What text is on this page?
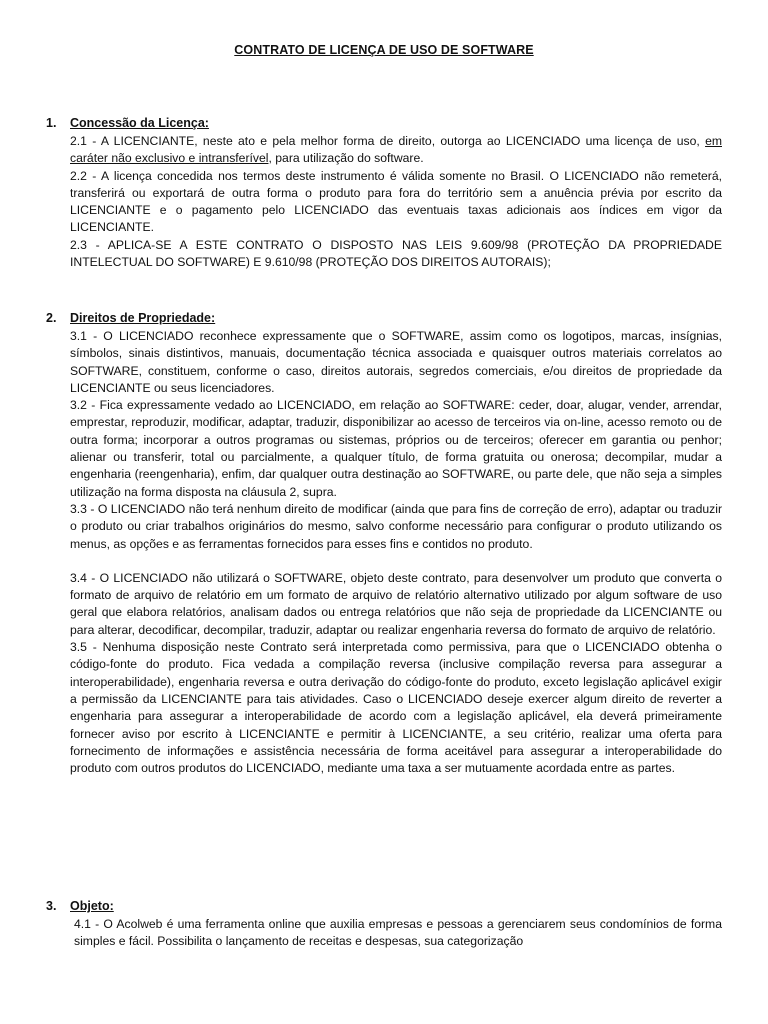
CONTRATO DE LICENÇA DE USO DE SOFTWARE
1. Concessão da Licença:

2.1 - A LICENCIANTE, neste ato e pela melhor forma de direito, outorga ao LICENCIADO uma licença de uso, em caráter não exclusivo e intransferível, para utilização do software.

2.2 - A licença concedida nos termos deste instrumento é válida somente no Brasil. O LICENCIADO não remeterá, transferirá ou exportará de outra forma o produto para fora do território sem a anuência prévia por escrito da LICENCIANTE e o pagamento pelo LICENCIADO das eventuais taxas adicionais aos índices em vigor da LICENCIANTE.

2.3 - APLICA-SE A ESTE CONTRATO O DISPOSTO NAS LEIS 9.609/98 (PROTEÇÃO DA PROPRIEDADE INTELECTUAL DO SOFTWARE) E 9.610/98 (PROTEÇÃO DOS DIREITOS AUTORAIS);

2. Direitos de Propriedade:

3.1 - O LICENCIADO reconhece expressamente que o SOFTWARE, assim como os logotipos, marcas, insígnias, símbolos, sinais distintivos, manuais, documentação técnica associada e quaisquer outros materiais correlatos ao SOFTWARE, constituem, conforme o caso, direitos autorais, segredos comerciais, e/ou direitos de propriedade da LICENCIANTE ou seus licenciadores.

3.2 - Fica expressamente vedado ao LICENCIADO, em relação ao SOFTWARE: ceder, doar, alugar, vender, arrendar, emprestar, reproduzir, modificar, adaptar, traduzir, disponibilizar ao acesso de terceiros via on-line, acesso remoto ou de outra forma; incorporar a outros programas ou sistemas, próprios ou de terceiros; oferecer em garantia ou penhor; alienar ou transferir, total ou parcialmente, a qualquer título, de forma gratuita ou onerosa; decompilar, mudar a engenharia (reengenharia), enfim, dar qualquer outra destinação ao SOFTWARE, ou parte dele, que não seja a simples utilização na forma disposta na cláusula 2, supra.

3.3 - O LICENCIADO não terá nenhum direito de modificar (ainda que para fins de correção de erro), adaptar ou traduzir o produto ou criar trabalhos originários do mesmo, salvo conforme necessário para configurar o produto utilizando os menus, as opções e as ferramentas fornecidos para esses fins e contidos no produto.

3.4 - O LICENCIADO não utilizará o SOFTWARE, objeto deste contrato, para desenvolver um produto que converta o formato de arquivo de relatório em um formato de arquivo de relatório alternativo utilizado por algum software de uso geral que elabora relatórios, analisam dados ou entrega relatórios que não seja de propriedade da LICENCIANTE ou para alterar, decodificar, decompilar, traduzir, adaptar ou realizar engenharia reversa do formato de arquivo de relatório.

3.5 - Nenhuma disposição neste Contrato será interpretada como permissiva, para que o LICENCIADO obtenha o código-fonte do produto. Fica vedada a compilação reversa (inclusive compilação reversa para assegurar a interoperabilidade), engenharia reversa e outra derivação do código-fonte do produto, exceto legislação aplicável exigir a permissão da LICENCIANTE para tais atividades. Caso o LICENCIADO deseje exercer algum direito de reverter a engenharia para assegurar a interoperabilidade de acordo com a legislação aplicável, ela deverá primeiramente fornecer aviso por escrito à LICENCIANTE e permitir à LICENCIANTE, a seu critério, realizar uma oferta para fornecimento de informações e assistência necessária de forma aceitável para assegurar a interoperabilidade do produto com outros produtos do LICENCIADO, mediante uma taxa a ser mutuamente acordada entre as partes.

3. Objeto:

4.1 - O Acolweb é uma ferramenta online que auxilia empresas e pessoas a gerenciarem seus condomínios de forma simples e fácil. Possibilita o lançamento de receitas e despesas, sua categorização
